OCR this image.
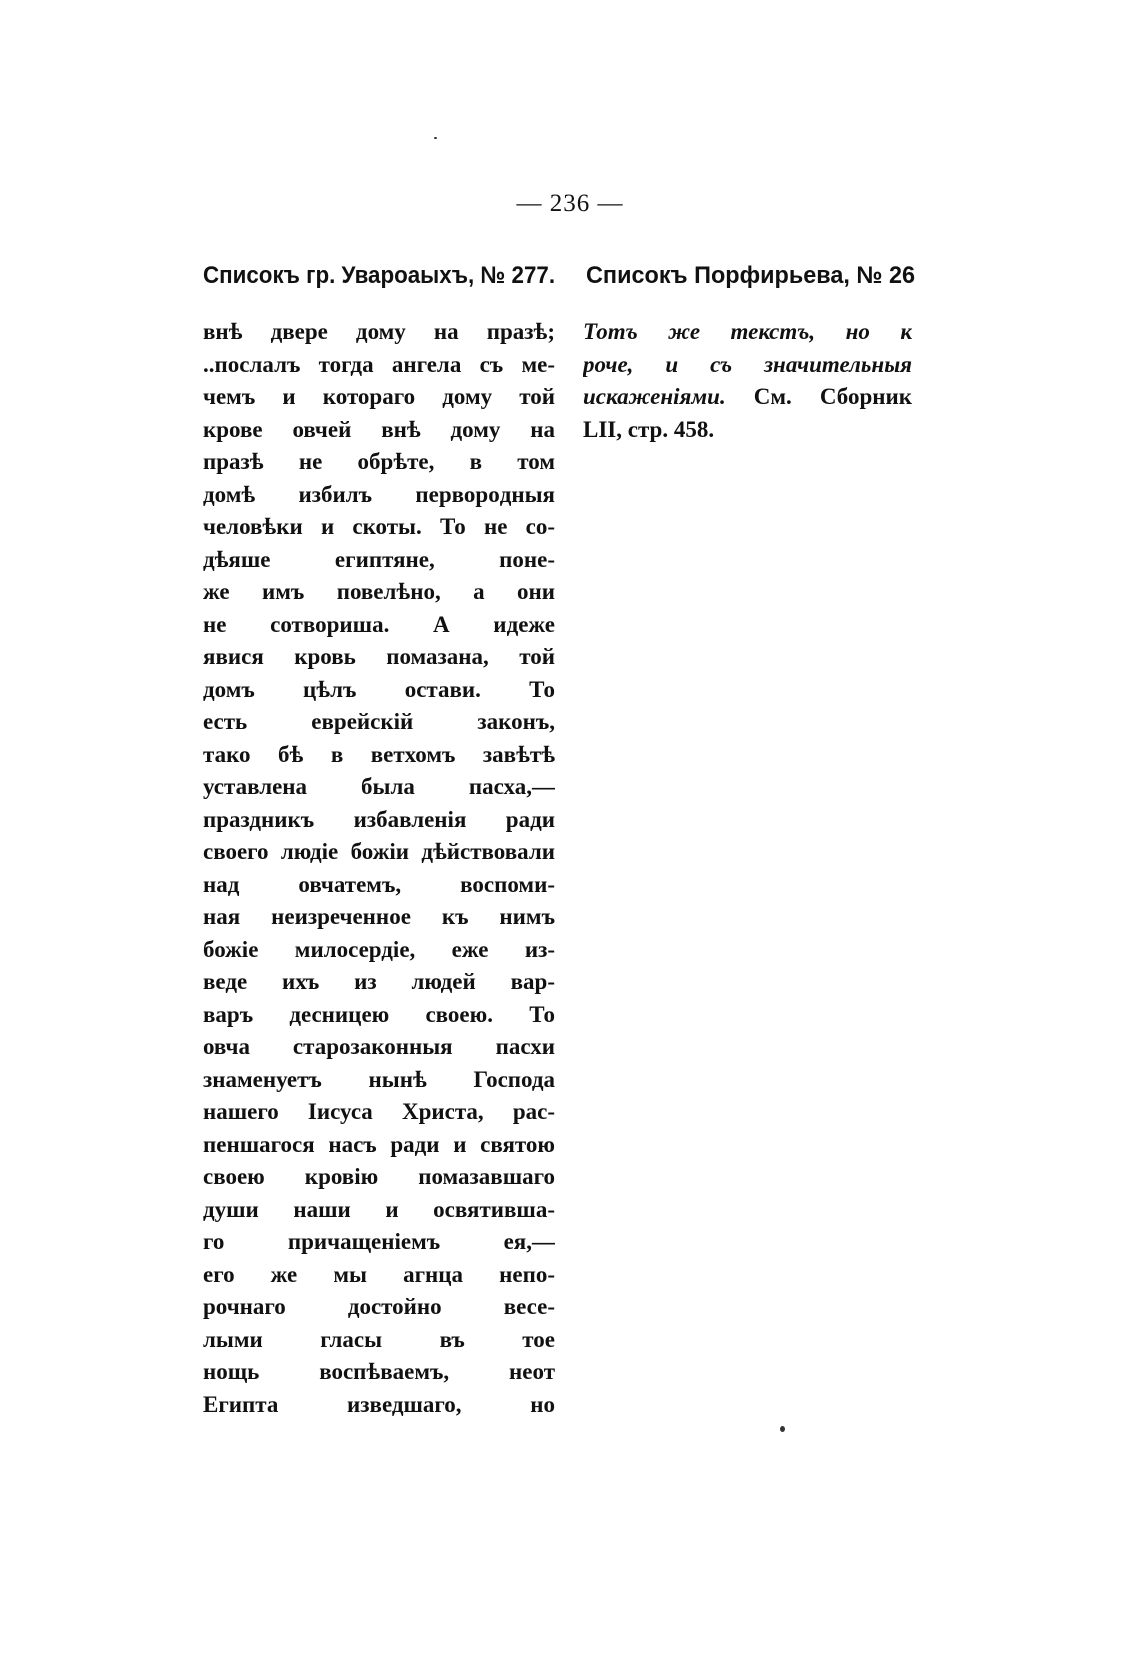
— 236 —
Списокъ гр. Увароаыхъ, № 277. Списокъ Порфирьева, № 26
внѣ двере дому на празѣ;
..послалъ тогда ангела съ ме-
чемъ и котораго дому той
крове овчей внѣ дому на
празѣ не обрѣте, в том
домѣ избилъ перворoдныя
человѣки и скоты. То не со-
дѣяше египтяне, поне-
же имъ повелѣно, а они
не сотвориша. А идеже
явися кровь помазана, той
домъ цѣлъ остави. То
есть еврейскiй законъ,
тако бѣ в ветхомъ завѣтѣ
уставлена была пасха,—
праздникъ избавленiя ради
своего людiе божiи дѣйствовали
над овчатемъ, воспоми-
ная неизреченное къ нимъ
божiе милосердiе, еже из-
веде ихъ из людей вар-
варъ десницею своею. То
овча старозаконныя пасхи
знаменуетъ нынѣ Господа
нашего Iисуса Христа, рас-
пеншагося насъ ради и святою
своею кровiю помазавшаго
души наши и освятивша-
го причащенiемъ ея,—
его же мы агнца непо-
рочнаго достойно весе-
лыми гласы въ тое
нощь воспѣваемъ, неот
Египта изведшаго, но
Тотъ же текстъ, но к
роче, и съ значительныя
искаженiями. См. Сборник
LII, стр. 458.
